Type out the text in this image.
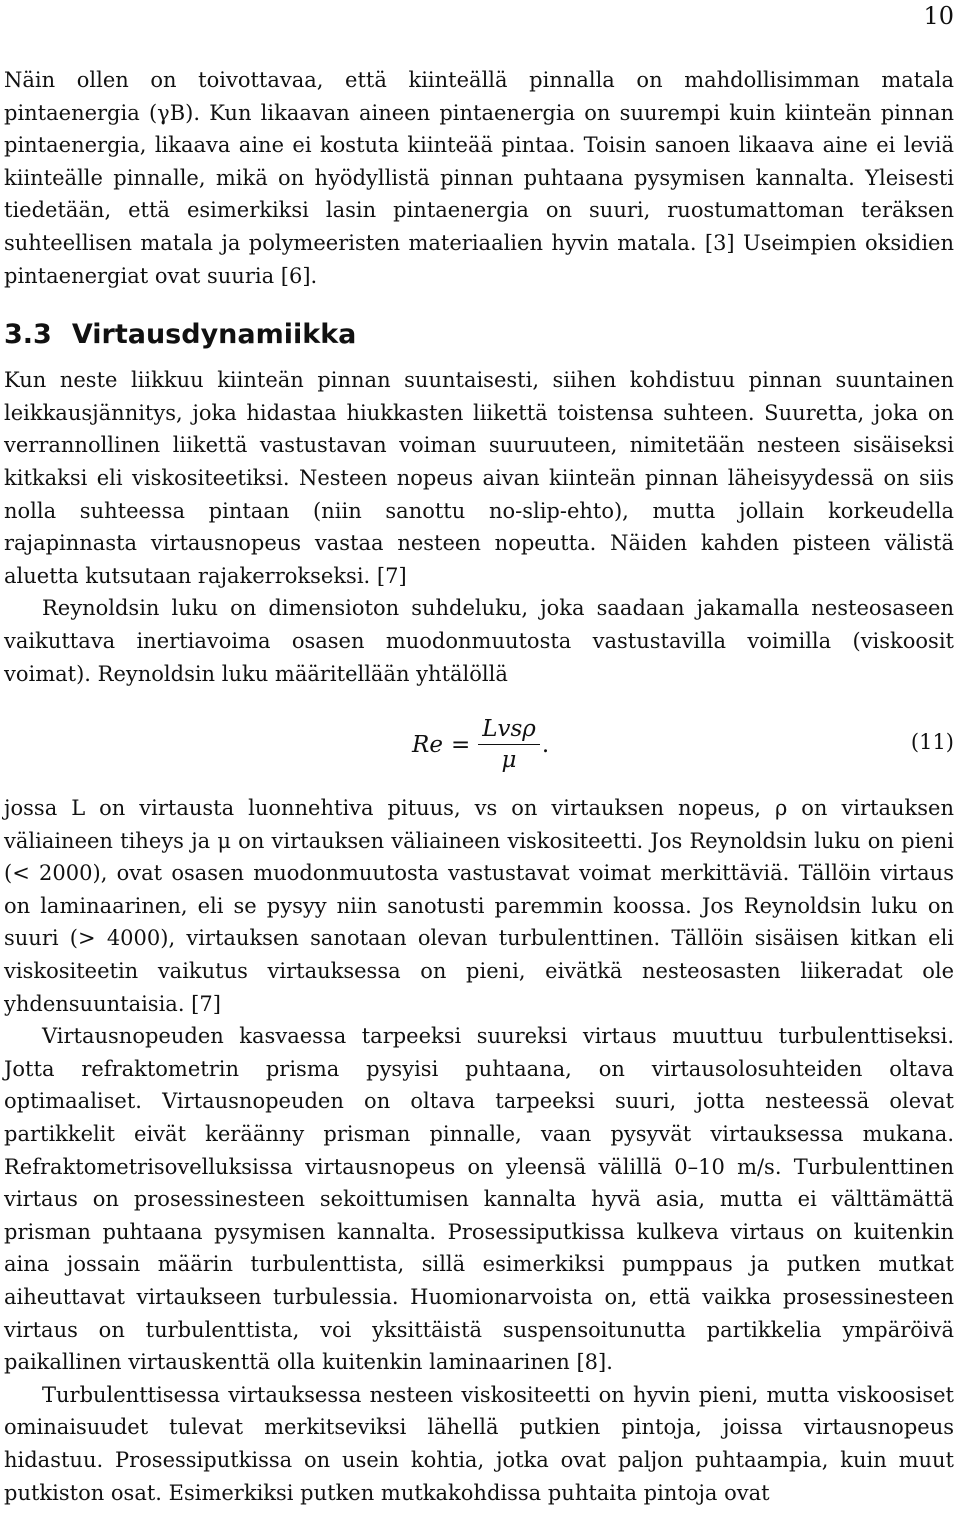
10

Näin ollen on toivottavaa, että kiinteällä pinnalla on mahdollisimman matala pintaenergia (γB). Kun likaavan aineen pintaenergia on suurempi kuin kiinteän pinnan pintaenergia, likaava aine ei kostuta kiinteää pintaa. Toisin sanoen likaava aine ei leviä kiinteälle pinnalle, mikä on hyödyllistä pinnan puhtaana pysymisen kannalta. Yleisesti tiedetään, että esimerkiksi lasin pintaenergia on suuri, ruostumattoman teräksen suhteellisen matala ja polymeeristen materiaalien hyvin matala. [3] Useimpien oksidien pintaenergiat ovat suuria [6].

3.3 Virtausdynamiikka

Kun neste liikkuu kiinteän pinnan suuntaisesti, siihen kohdistuu pinnan suuntainen leikkausjännitys, joka hidastaa hiukkasten liikettä toistensa suhteen. Suuretta, joka on verrannollinen liikettä vastustavan voiman suuruuteen, nimitetään nesteen sisäiseksi kitkaksi eli viskositeetiksi. Nesteen nopeus aivan kiinteän pinnan läheisyydessä on siis nolla suhteessa pintaan (niin sanottu no-slip-ehto), mutta jollain korkeudella rajapinnasta virtausnopeus vastaa nesteen nopeutta. Näiden kahden pisteen välistä aluetta kutsutaan rajakerrokseksi. [7]

Reynoldsin luku on dimensioton suhdeluku, joka saadaan jakamalla nesteosaseen vaikuttava inertiavoima osasen muodonmuutosta vastustavilla voimilla (viskoosit voimat). Reynoldsin luku määritellään yhtälöllä

$Re = \frac{\text{Lvsρ}}{\mu}$ .	(11)

jossa L on virtausta luonnehtiva pituus, vs on virtauksen nopeus, ρ on virtauksen väliaineen tiheys ja μ on virtauksen väliaineen viskositeetti. Jos Reynoldsin luku on pieni (< 2000), ovat osasen muodonmuutosta vastustavat voimat merkittäviä. Tällöin virtaus on laminaarinen, eli se pysyy niin sanotusti paremmin koossa. Jos Reynoldsin luku on suuri (> 4000), virtauksen sanotaan olevan turbulenttinen. Tällöin sisäisen kitkan eli viskositeetin vaikutus virtauksessa on pieni, eivätkä nesteosasten liikeradat ole yhdensuuntaisia. [7]

Virtausnopeuden kasvaessa tarpeeksi suureksi virtaus muuttuu turbulenttiseksi. Jotta refraktometrin prisma pysyisi puhtaana, on virtausolosuhteiden oltava optimaaliset. Virtausnopeuden on oltava tarpeeksi suuri, jotta nesteessä olevat partikkelit eivät keräänny prisman pinnalle, vaan pysyvät virtauksessa mukana. Refraktometrisovelluksissa virtausnopeus on yleensä välillä 0–10 m/s. Turbulenttinen virtaus on prosessinesteen sekoittumisen kannalta hyvä asia, mutta ei välttämättä prisman puhtaana pysymisen kannalta. Prosessiputkissa kulkeva virtaus on kuitenkin aina jossain määrin turbulenttista, sillä esimerkiksi pumppaus ja putken mutkat aiheuttavat virtaukseen turbulessia. Huomionarvoista on, että vaikka prosessinesteen virtaus on turbulenttista, voi yksittäistä suspensoitunutta partikkelia ympäröivä paikallinen virtauskenttä olla kuitenkin laminaarinen [8].

Turbulenttisessa virtauksessa nesteen viskositeetti on hyvin pieni, mutta viskoosiset ominaisuudet tulevat merkitseviksi lähellä putkien pintoja, joissa virtausnopeus hidastuu. Prosessiputkissa on usein kohtia, jotka ovat paljon puhtaampia, kuin muut putkiston osat. Esimerkiksi putken mutkakohdissa puhtaita pintoja ovat
